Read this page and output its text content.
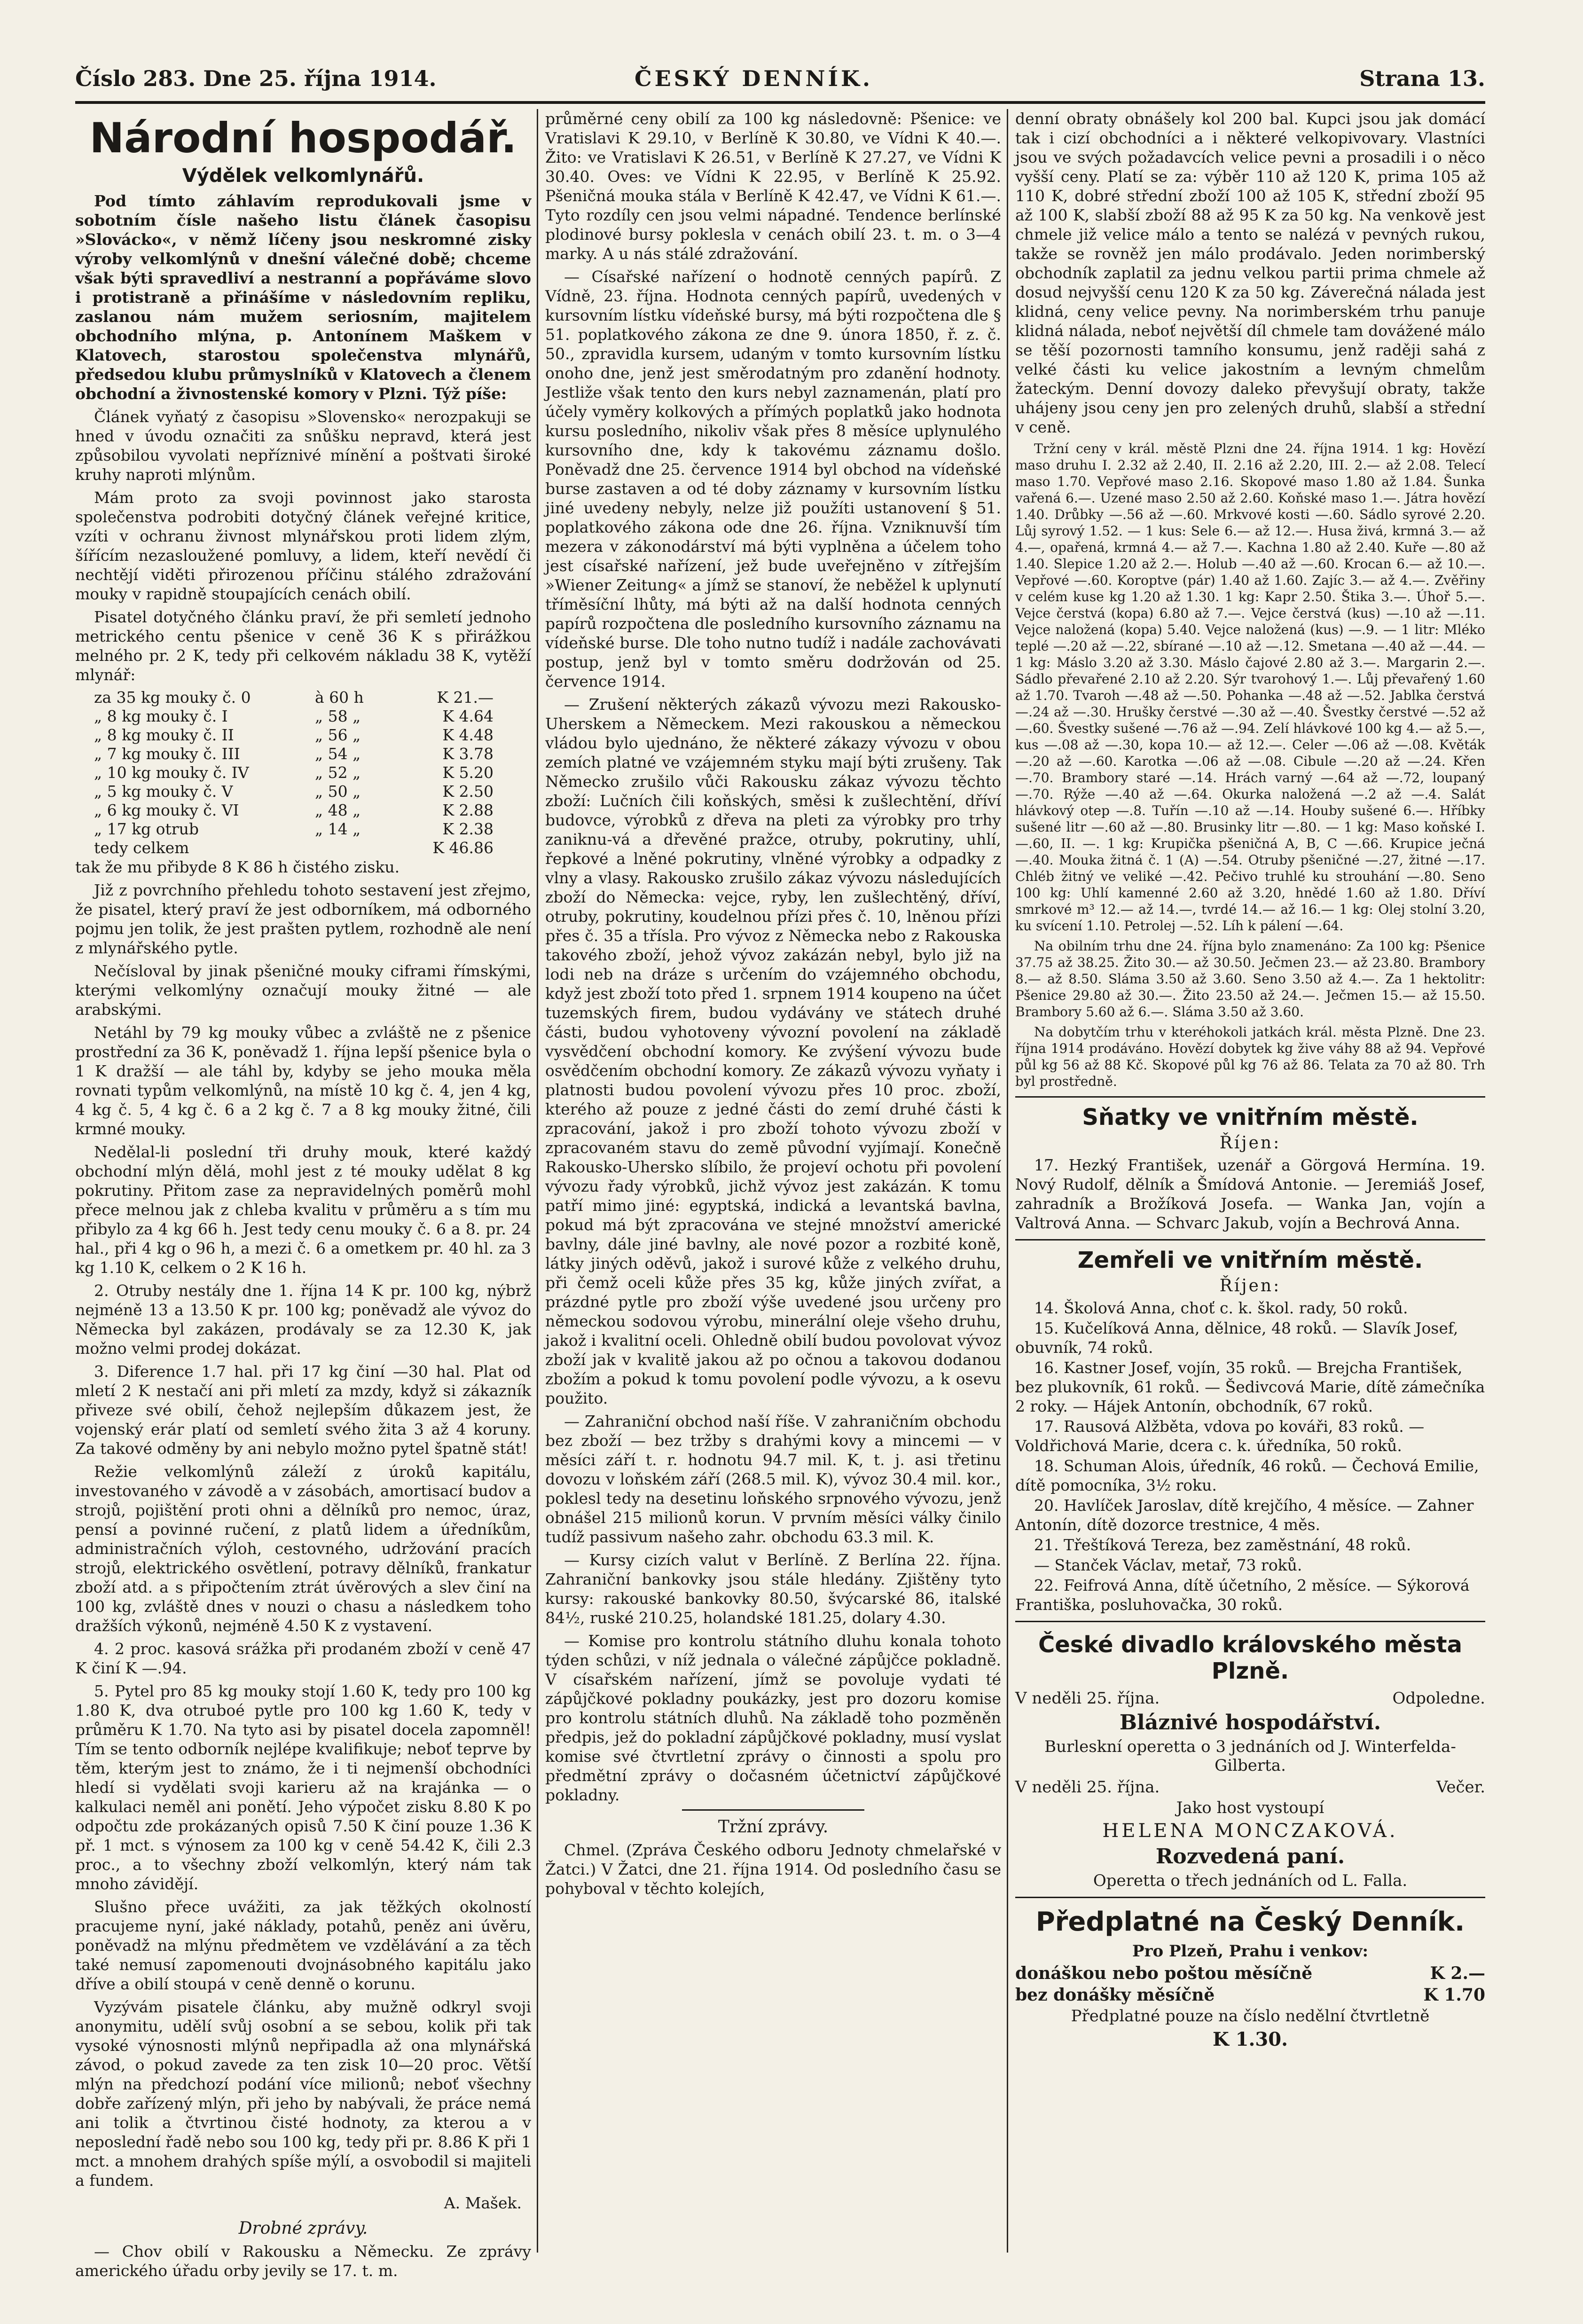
Číslo 283. Dne 25. října 1914.	ČESKÝ DENNÍK.	Strana 13.
Národní hospodář.
Výdělek velkomlynářů.

Pod tímto záhlavím reprodukovali jsme v sobotním čísle našeho listu článek časopisu »Slovácko«, v němž líčeny jsou neskromné zisky výroby velkomlýnů v dnešní válečné době; chceme však býti spravedliví a nestranní a popřáváme slovo i protistraně a přinášíme v následovním repliku, zaslanou nám mužem seriosním, majitelem obchodního mlýna, p. Antonínem Maškem v Klatovech, starostou společenstva mlynářů, předsedou klubu průmyslníků v Klatovech a členem obchodní a živnostenské komory v Plzni. Týž píše:

Článek vyňatý z časopisu »Slovensko« nerozpakuji se hned v úvodu označiti za snůšku nepravd, která jest způsobilou vyvolati nepříznivé mínění a poštvati široké kruhy naproti mlýnům.

Mám proto za svoji povinnost jako starosta společenstva podrobiti dotyčný článek veřejné kritice, vzíti v ochranu živnost mlynářskou proti lidem zlým, šířícím nezasloužené pomluvy, a lidem, kteří nevědí či nechtějí viděti přirozenou příčinu stálého zdražování mouky v rapidně stoupajících cenách obilí.

Pisatel dotyčného článku praví, že při semletí jednoho metrického centu pšenice v ceně 36 K s přirážkou melného pr. 2 K, tedy při celkovém nákladu 38 K, vytěží mlynář:

za 35 kg mouky č. 0	à 60 h	K 21.—
„ 8 kg mouky č. I	„ 58 „	K 4.64
„ 8 kg mouky č. II	„ 56 „	K 4.48
„ 7 kg mouky č. III	„ 54 „	K 3.78
„ 10 kg mouky č. IV	„ 52 „	K 5.20
„ 5 kg mouky č. V	„ 50 „	K 2.50
„ 6 kg mouky č. VI	„ 48 „	K 2.88
„ 17 kg otrub	„ 14 „	K 2.38
tedy celkem	K 46.86

tak že mu přibyde 8 K 86 h čistého zisku.

Již z povrchního přehledu tohoto sestavení jest zřejmo, že pisatel, který praví že jest odborníkem, má odborného pojmu jen tolik, že jest prašten pytlem, rozhodně ale není z mlynářského pytle.

Nečísloval by jinak pšeničné mouky ciframi římskými, kterými velkomlýny označují mouky žitné — ale arabskými.

Netáhl by 79 kg mouky vůbec a zvláště ne z pšenice prostřední za 36 K, poněvadž 1. října lepší pšenice byla o 1 K dražší — ale táhl by, kdyby se jeho mouka měla rovnati typům velkomlýnů, na místě 10 kg č. 4, jen 4 kg, 4 kg č. 5, 4 kg č. 6 a 2 kg č. 7 a 8 kg mouky žitné, čili krmné mouky.

Nedělal-li poslední tři druhy mouk, které každý obchodní mlýn dělá, mohl jest z té mouky udělat 8 kg pokrutiny. Přitom zase za nepravidelných poměrů mohl přece melnou jak z chleba kvalitu v průměru a s tím mu přibylo za 4 kg 66 h. Jest tedy cenu mouky č. 6 a 8. pr. 24 hal., při 4 kg o 96 h, a mezi č. 6 a ometkem pr. 40 hl. za 3 kg 1.10 K, celkem o 2 K 16 h.

2. Otruby nestály dne 1. října 14 K pr. 100 kg, nýbrž nejméně 13 a 13.50 K pr. 100 kg; poněvadž ale vývoz do Německa byl zakázen, prodávaly se za 12.30 K, jak možno velmi prodej dokázat.

3. Diference 1.7 hal. při 17 kg činí —30 hal. Plat od mletí 2 K nestačí ani při mletí za mzdy, když si zákazník přiveze své obilí, čehož nejlepším důkazem jest, že vojenský erár platí od semletí svého žita 3 až 4 koruny. Za takové odměny by ani nebylo možno pytel špatně stát!

Režie velkomlýnů záleží z úroků kapitálu, investovaného v závodě a v zásobách, amortisací budov a strojů, pojištění proti ohni a dělníků pro nemoc, úraz, pensí a povinné ručení, z platů lidem a úředníkům, administračních výloh, cestovného, udržování pracích strojů, elektrického osvětlení, potravy dělníků, frankatur zboží atd. a s připočtením ztrát úvěrových a slev činí na 100 kg, zvláště dnes v nouzi o chasu a následkem toho dražších výkonů, nejméně 4.50 K z vystavení.

4. 2 proc. kasová srážka při prodaném zboží v ceně 47 K činí K —.94.

5. Pytel pro 85 kg mouky stojí 1.60 K, tedy pro 100 kg 1.80 K, dva otruboé pytle pro 100 kg 1.60 K, tedy v průměru K 1.70. Na tyto asi by pisatel docela zapomněl! Tím se tento odborník nejlépe kvalifikuje; neboť teprve by těm, kterým jest to známo, že i ti nejmenší obchodníci hledí si vydělati svoji karieru až na krajánka — o kalkulaci neměl ani ponětí. Jeho výpočet zisku 8.80 K po odpočtu zde prokázaných opisů 7.50 K činí pouze 1.36 K př. 1 mct. s výnosem za 100 kg v ceně 54.42 K, čili 2.3 proc., a to všechny zboží velkomlýn, který nám tak mnoho závidějí.

Slušno přece uvážiti, za jak těžkých okolností pracujeme nyní, jaké náklady, potahů, peněz ani úvěru, poněvadž na mlýnu předmětem ve vzdělávání a za těch také nemusí zapomenouti dvojnásobného kapitálu jako dříve a obilí stoupá v ceně denně o korunu.

Vyzývám pisatele článku, aby mužně odkryl svoji anonymitu, udělí svůj osobní a se sebou, kolik při tak vysoké výnosnosti mlýnů nepřipadla až ona mlynářská závod, o pokud zavede za ten zisk 10—20 proc. Větší mlýn na předchozí podání více milionů; neboť všechny dobře zařízený mlýn, při jeho by nabývali, že práce nemá ani tolik a čtvrtinou čisté hodnoty, za kterou a v neposlední řadě nebo sou 100 kg, tedy při pr. 8.86 K při 1 mct. a mnohem drahých spíše mýlí, a osvobodil si majiteli a fundem.

A. Mašek.
Drobné zprávy.

— Chov obilí v Rakousku a Německu. Ze zprávy amerického úřadu orby jevily se 17. t. m.

průměrné ceny obilí za 100 kg následovně: Pšenice: ve Vratislavi K 29.10, v Berlíně K 30.80, ve Vídni K 40.—. Žito: ve Vratislavi K 26.51, v Berlíně K 27.27, ve Vídni K 30.40. Oves: ve Vídni K 22.95, v Berlíně K 25.92. Pšeničná mouka stála v Berlíně K 42.47, ve Vídni K 61.—. Tyto rozdíly cen jsou velmi nápadné. Tendence berlínské plodinové bursy poklesla v cenách obilí 23. t. m. o 3—4 marky. A u nás stálé zdražování.

— Císařské nařízení o hodnotě cenných papírů. Z Vídně, 23. října. Hodnota cenných papírů, uvedených v kursovním lístku vídeňské bursy, má býti rozpočtena dle § 51. poplatkového zákona ze dne 9. února 1850, ř. z. č. 50., zpravidla kursem, udaným v tomto kursovním lístku onoho dne, jenž jest směrodatným pro zdanění hodnoty. Jestliže však tento den kurs nebyl zaznamenán, platí pro účely vyměry kolkových a přímých poplatků jako hodnota kursu posledního, nikoliv však přes 8 měsíce uplynulého kursovního dne, kdy k takovému záznamu došlo. Poněvadž dne 25. července 1914 byl obchod na vídeňské burse zastaven a od té doby záznamy v kursovním lístku jiné uvedeny nebyly, nelze již použíti ustanovení § 51. poplatkového zákona ode dne 26. října. Vzniknuvší tím mezera v zákonodárství má býti vyplněna a účelem toho jest císařské nařízení, jež bude uveřejněno v zítřejším »Wiener Zeitung« a jímž se stanoví, že neběžel k uplynutí tříměsíční lhůty, má býti až na další hodnota cenných papírů rozpočtena dle posledního kursovního záznamu na vídeňské burse. Dle toho nutno tudíž i nadále zachovávati postup, jenž byl v tomto směru dodržován od 25. července 1914.

— Zrušení některých zákazů vývozu mezi Rakousko-Uherskem a Německem. Mezi rakouskou a německou vládou bylo ujednáno, že některé zákazy vývozu v obou zemích platné ve vzájemném styku mají býti zrušeny. Tak Německo zrušilo vůči Rakousku zákaz vývozu těchto zboží: Lučních čili koňských, směsi k zušlechtění, dříví budovce, výrobků z dřeva na pleti za výrobky pro trhy zaniknu-vá a dřevěné pražce, otruby, pokrutiny, uhlí, řepkové a lněné pokrutiny, vlněné výrobky a odpadky z vlny a vlasy. Rakousko zrušilo zákaz vývozu následujících zboží do Německa: vejce, ryby, len zušlechtěný, dříví, otruby, pokrutiny, koudelnou přízi přes č. 10, lněnou přízi přes č. 35 a třísla. Pro vývoz z Německa nebo z Rakouska takového zboží, jehož vývoz zakázán nebyl, bylo již na lodi neb na dráze s určením do vzájemného obchodu, když jest zboží toto před 1. srpnem 1914 koupeno na účet tuzemských firem, budou vydávány ve státech druhé části, budou vyhotoveny vývozní povolení na základě vysvědčení obchodní komory. Ke zvýšení vývozu bude osvědčením obchodní komory. Ze zákazů vývozu vyňaty i platnosti budou povolení vývozu přes 10 proc. zboží, kterého až pouze z jedné části do zemí druhé části k zpracování, jakož i pro zboží tohoto vývozu zboží v zpracovaném stavu do země původní vyjímají. Konečně Rakousko-Uhersko slíbilo, že projeví ochotu při povolení vývozu řady výrobků, jichž vývoz jest zakázán. K tomu patří mimo jiné: egyptská, indická a levantská bavlna, pokud má být zpracována ve stejné množství americké bavlny, dále jiné bavlny, ale nové pozor a rozbité koně, látky jiných oděvů, jakož i surové kůže z velkého druhu, při čemž oceli kůže přes 35 kg, kůže jiných zvířat, a prázdné pytle pro zboží výše uvedené jsou určeny pro německou sodovou výrobu, minerální oleje všeho druhu, jakož i kvalitní oceli. Ohledně obilí budou povolovat vývoz zboží jak v kvalitě jakou až po očnou a takovou dodanou zbožím a pokud k tomu povolení podle vývozu, a k osevu použito.

— Zahraniční obchod naší říše. V zahraničním obchodu bez zboží — bez tržby s drahými kovy a mincemi — v měsíci září t. r. hodnotu 94.7 mil. K, t. j. asi třetinu dovozu v loňském září (268.5 mil. K), vývoz 30.4 mil. kor., poklesl tedy na desetinu loňského srpnového vývozu, jenž obnášel 215 milionů korun. V prvním měsíci války činilo tudíž passivum našeho zahr. obchodu 63.3 mil. K.

— Kursy cizích valut v Berlíně. Z Berlína 22. října. Zahraniční bankovky jsou stále hledány. Zjištěny tyto kursy: rakouské bankovky 80.50, švýcarské 86, italské 84½, ruské 210.25, holandské 181.25, dolary 4.30.

— Komise pro kontrolu státního dluhu konala tohoto týden schůzi, v níž jednala o válečné zápůjčce pokladně. V císařském nařízení, jímž se povoluje vydati té zápůjčkové pokladny poukázky, jest pro dozoru komise pro kontrolu státních dluhů. Na základě toho pozměněn předpis, jež do pokladní zápůjčkové pokladny, musí vyslat komise své čtvrtletní zprávy o činnosti a spolu pro předmětní zprávy o dočasném účetnictví zápůjčkové pokladny.

Tržní zprávy.

Chmel. (Zpráva Českého odboru Jednoty chmelařské v Žatci.) V Žatci, dne 21. října 1914. Od posledního času se pohyboval v těchto kolejích,

denní obraty obnášely kol 200 bal. Kupci jsou jak domácí tak i cizí obchodníci a i některé velkopivovary. Vlastníci jsou ve svých požadavcích velice pevni a prosadili i o něco vyšší ceny. Platí se za: výběr 110 až 120 K, prima 105 až 110 K, dobré střední zboží 100 až 105 K, střední zboží 95 až 100 K, slabší zboží 88 až 95 K za 50 kg. Na venkově jest chmele již velice málo a tento se nalézá v pevných rukou, takže se rovněž jen málo prodávalo. Jeden norimberský obchodník zaplatil za jednu velkou partii prima chmele až dosud nejvyšší cenu 120 K za 50 kg. Záverečná nálada jest klidná, ceny velice pevny. Na norimberském trhu panuje klidná nálada, neboť největší díl chmele tam dovážené málo se těší pozornosti tamního konsumu, jenž raději sahá z velké části ku velice jakostním a levným chmelům žateckým. Denní dovozy daleko převyšují obraty, takže uhájeny jsou ceny jen pro zelených druhů, slabší a střední v ceně.

Tržní ceny v král. městě Plzni dne 24. října 1914. 1 kg: Hovězí maso druhu I. 2.32 až 2.40, II. 2.16 až 2.20, III. 2.— až 2.08. Telecí maso 1.70. Vepřové maso 2.16. Skopové maso 1.80 až 1.84. Šunka vařená 6.—. Uzené maso 2.50 až 2.60. Koňské maso 1.—. Játra hovězí 1.40. Drůbky —.56 až —.60. Mrkvové kosti —.60. Sádlo syrové 2.20. Lůj syrový 1.52. — 1 kus: Sele 6.— až 12.—. Husa živá, krmná 3.— až 4.—, opařená, krmná 4.— až 7.—. Kachna 1.80 až 2.40. Kuře —.80 až 1.40. Slepice 1.20 až 2.—. Holub —.40 až —.60. Krocan 6.— až 10.—. Vepřové —.60. Koroptve (pár) 1.40 až 1.60. Zajíc 3.— až 4.—. Zvěřiny v celém kuse kg 1.20 až 1.30. 1 kg: Kapr 2.50. Štika 3.—. Úhoř 5.—. Vejce čerstvá (kopa) 6.80 až 7.—. Vejce čerstvá (kus) —.10 až —.11. Vejce naložená (kopa) 5.40. Vejce naložená (kus) —.9. — 1 litr: Mléko teplé —.20 až —.22, sbírané —.10 až —.12. Smetana —.40 až —.44. — 1 kg: Máslo 3.20 až 3.30. Máslo čajové 2.80 až 3.—. Margarin 2.—. Sádlo převařené 2.10 až 2.20. Sýr tvarohový 1.—. Lůj převařený 1.60 až 1.70. Tvaroh —.48 až —.50. Pohanka —.48 až —.52. Jablka čerstvá —.24 až —.30. Hrušky čerstvé —.30 až —.40. Švestky čerstvé —.52 až —.60. Švestky sušené —.76 až —.94. Zelí hlávkové 100 kg 4.— až 5.—, kus —.08 až —.30, kopa 10.— až 12.—. Celer —.06 až —.08. Květák —.20 až —.60. Karotka —.06 až —.08. Cibule —.20 až —.24. Křen —.70. Brambory staré —.14. Hrách varný —.64 až —.72, loupaný —.70. Rýže —.40 až —.64. Okurka naložená —.2 až —.4. Salát hlávkový otep —.8. Tuřín —.10 až —.14. Houby sušené 6.—. Hříbky sušené litr —.60 až —.80. Brusinky litr —.80. — 1 kg: Maso koňské I. —.60, II. —. 1 kg: Krupička pšeničná A, B, C —.66. Krupice ječná —.40. Mouka žitná č. 1 (A) —.54. Otruby pšeničné —.27, žitné —.17. Chléb žitný ve veliké —.42. Pečivo truhlé ku strouhání —.80. Seno 100 kg: Uhlí kamenné 2.60 až 3.20, hnědé 1.60 až 1.80. Dříví smrkové m³ 12.— až 14.—, tvrdé 14.— až 16.— 1 kg: Olej stolní 3.20, ku svícení 1.10. Petrolej —.52. Líh k pálení —.64.

Na obilním trhu dne 24. října bylo znamenáno: Za 100 kg: Pšenice 37.75 až 38.25. Žito 30.— až 30.50. Ječmen 23.— až 23.80. Brambory 8.— až 8.50. Sláma 3.50 až 3.60. Seno 3.50 až 4.—. Za 1 hektolitr: Pšenice 29.80 až 30.—. Žito 23.50 až 24.—. Ječmen 15.— až 15.50. Brambory 5.60 až 6.—. Sláma 3.50 až 3.60.

Na dobytčím trhu v kteréhokoli jatkách král. města Plzně. Dne 23. října 1914 prodáváno. Hovězí dobytek kg žive váhy 88 až 94. Vepřové půl kg 56 až 88 Kč. Skopové půl kg 76 až 86. Telata za 70 až 80. Trh byl prostředně.

Sňatky ve vnitřním městě.
Říjen:

17. Hezký František, uzenář a Görgová Hermína. 19. Nový Rudolf, dělník a Šmídová Antonie. — Jeremiáš Josef, zahradník a Brožíková Josefa. — Wanka Jan, vojín a Valtrová Anna. — Schvarc Jakub, vojín a Bechrová Anna.

Zemřeli ve vnitřním městě.
Říjen:
14. Školová Anna, choť c. k. škol. rady, 50 roků.
15. Kučelíková Anna, dělnice, 48 roků. — Slavík Josef, obuvník, 74 roků.
16. Kastner Josef, vojín, 35 roků. — Brejcha František, bez plukovník, 61 roků. — Šedivcová Marie, dítě zámečníka 2 roky. — Hájek Antonín, obchodník, 67 roků.
17. Rausová Alžběta, vdova po kováři, 83 roků. — Voldřichová Marie, dcera c. k. úředníka, 50 roků.
18. Schuman Alois, úředník, 46 roků. — Čechová Emilie, dítě pomocníka, 3½ roku.
20. Havlíček Jaroslav, dítě krejčího, 4 měsíce. — Zahner Antonín, dítě dozorce trestnice, 4 měs.
21. Třeštíková Tereza, bez zaměstnání, 48 roků.
— Stanček Václav, metař, 73 roků.
22. Feifrová Anna, dítě účetního, 2 měsíce. — Sýkorová Františka, posluhovačka, 30 roků.
České divadlo královského města Plzně.
V neděli 25. října.	Odpoledne.
Bláznivé hospodářství.
Burleskní operetta o 3 jednáních od J. Winterfelda-Gilberta.
V neděli 25. října.	Večer.
Jako host vystoupí
HELENA MONCZAKOVÁ.
Rozvedená paní.
Operetta o třech jednáních od L. Falla.
Předplatné na Český Denník.
Pro Plzeň, Prahu i venkov:
donáškou nebo poštou měsíčně	K 2.—
bez donášky měsíčně	K 1.70
Předplatné pouze na číslo nedělní čtvrtletně
K 1.30.
